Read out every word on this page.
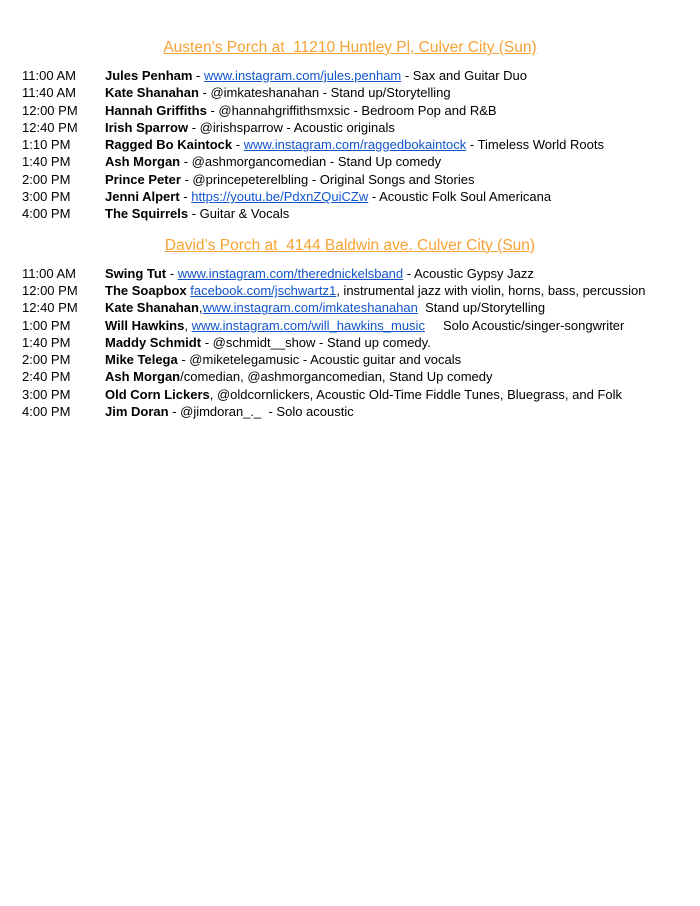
Austen’s Porch at  11210 Huntley Pl, Culver City (Sun)
11:00 AM	Jules Penham - www.instagram.com/jules.penham - Sax and Guitar Duo
11:40 AM	Kate Shanahan - @imkateshanahan - Stand up/Storytelling
12:00 PM	Hannah Griffiths - @hannahgriffithsmxsic - Bedroom Pop and R&B
12:40 PM	Irish Sparrow - @irishsparrow - Acoustic originals
1:10 PM	Ragged Bo Kaintock - www.instagram.com/raggedbokaintock - Timeless World Roots
1:40 PM	Ash Morgan - @ashmorgancomedian - Stand Up comedy
2:00 PM	Prince Peter - @princepeterelbling - Original Songs and Stories
3:00 PM	Jenni Alpert - https://youtu.be/PdxnZQuiCZw - Acoustic Folk Soul Americana
4:00 PM	The Squirrels - Guitar & Vocals
David’s Porch at  4144 Baldwin ave. Culver City (Sun)
11:00 AM	Swing Tut - www.instagram.com/therednickelsband - Acoustic Gypsy Jazz
12:00 PM	The Soapbox facebook.com/jschwartz1, instrumental jazz with violin, horns, bass, percussion
12:40 PM	Kate Shanahan,www.instagram.com/imkateshanahan  Stand up/Storytelling
1:00 PM	Will Hawkins, www.instagram.com/will_hawkins_music     Solo Acoustic/singer-songwriter
1:40 PM	Maddy Schmidt - @schmidt__show - Stand up comedy.
2:00 PM	Mike Telega - @miketelegamusic - Acoustic guitar and vocals
2:40 PM	Ash Morgan/comedian, @ashmorgancomedian, Stand Up comedy
3:00 PM	Old Corn Lickers, @oldcornlickers, Acoustic Old-Time Fiddle Tunes, Bluegrass, and Folk
4:00 PM	Jim Doran - @jimdoran_._  - Solo acoustic
